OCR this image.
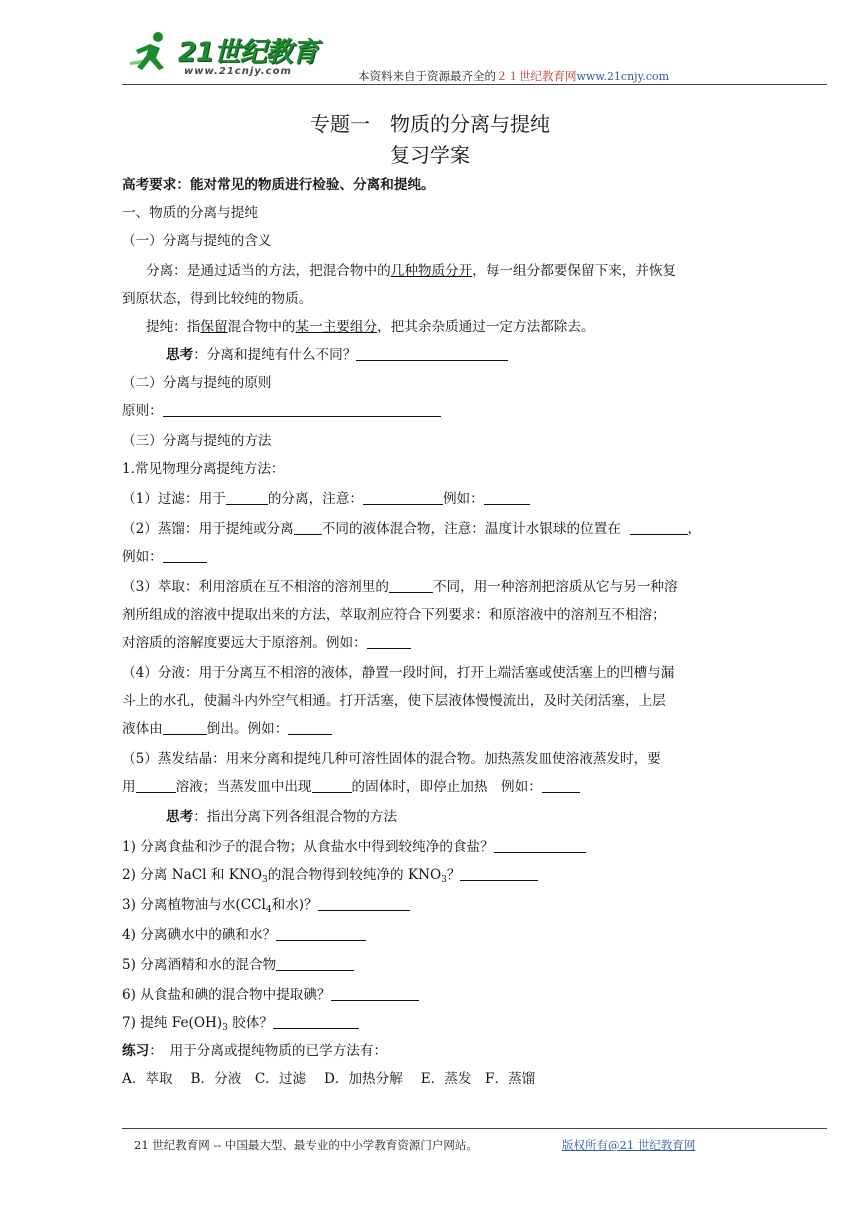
21世纪教育
www.21cnjy.com	本资料来自于资源最齐全的２１世纪教育网www.21cnjy.com
专题一　物质的分离与提纯
复习学案
高考要求：能对常见的物质进行检验、分离和提纯。
一、物质的分离与提纯
（一）分离与提纯的含义
分离：是通过适当的方法，把混合物中的几种物质分开，每一组分都要保留下来，并恢复
到原状态，得到比较纯的物质。
提纯：指保留混合物中的某一主要组分，把其余杂质通过一定方法都除去。
思考：分离和提纯有什么不同？
（二）分离与提纯的原则
原则：
（三）分离与提纯的方法
1.常见物理分离提纯方法：
（1）过滤：用于	的分离，注意：	例如：
（2）蒸馏：用于提纯或分离 不同的液体混合物，注意：温度计水银球的位置在	，
例如：
（3）萃取：利用溶质在互不相溶的溶剂里的	不同，用一种溶剂把溶质从它与另一种溶
剂所组成的溶液中提取出来的方法，萃取剂应符合下列要求：和原溶液中的溶剂互不相溶；
对溶质的溶解度要远大于原溶剂。例如：
（4）分液：用于分离互不相溶的液体，静置一段时间，打开上端活塞或使活塞上的凹槽与漏
斗上的水孔，使漏斗内外空气相通。打开活塞，使下层液体慢慢流出，及时关闭活塞，上层
液体由	倒出。例如：
（5）蒸发结晶：用来分离和提纯几种可溶性固体的混合物。加热蒸发皿使溶液蒸发时，要
用	溶液；当蒸发皿中出现	的固体时，即停止加热　例如：
思考：指出分离下列各组混合物的方法
1) 分离食盐和沙子的混合物；从食盐水中得到较纯净的食盐？
2) 分离 NaCl 和 $KNO_3$的混合物得到较纯净的 $KNO_3$？
3) 分离植物油与水(CCl$_4$和水)？
4) 分离碘水中的碘和水？
5) 分离酒精和水的混合物
6) 从食盐和碘的混合物中提取碘？
7) 提纯 $Fe(OH)_3$ 胶体？
练习：　用于分离或提纯物质的已学方法有：
A．萃取　 B．分液　C．过滤　 D．加热分解　 E．蒸发　F．蒸馏
21 世纪教育网 -- 中国最大型、最专业的中小学教育资源门户网站。	版权所有@21 世纪教育网
